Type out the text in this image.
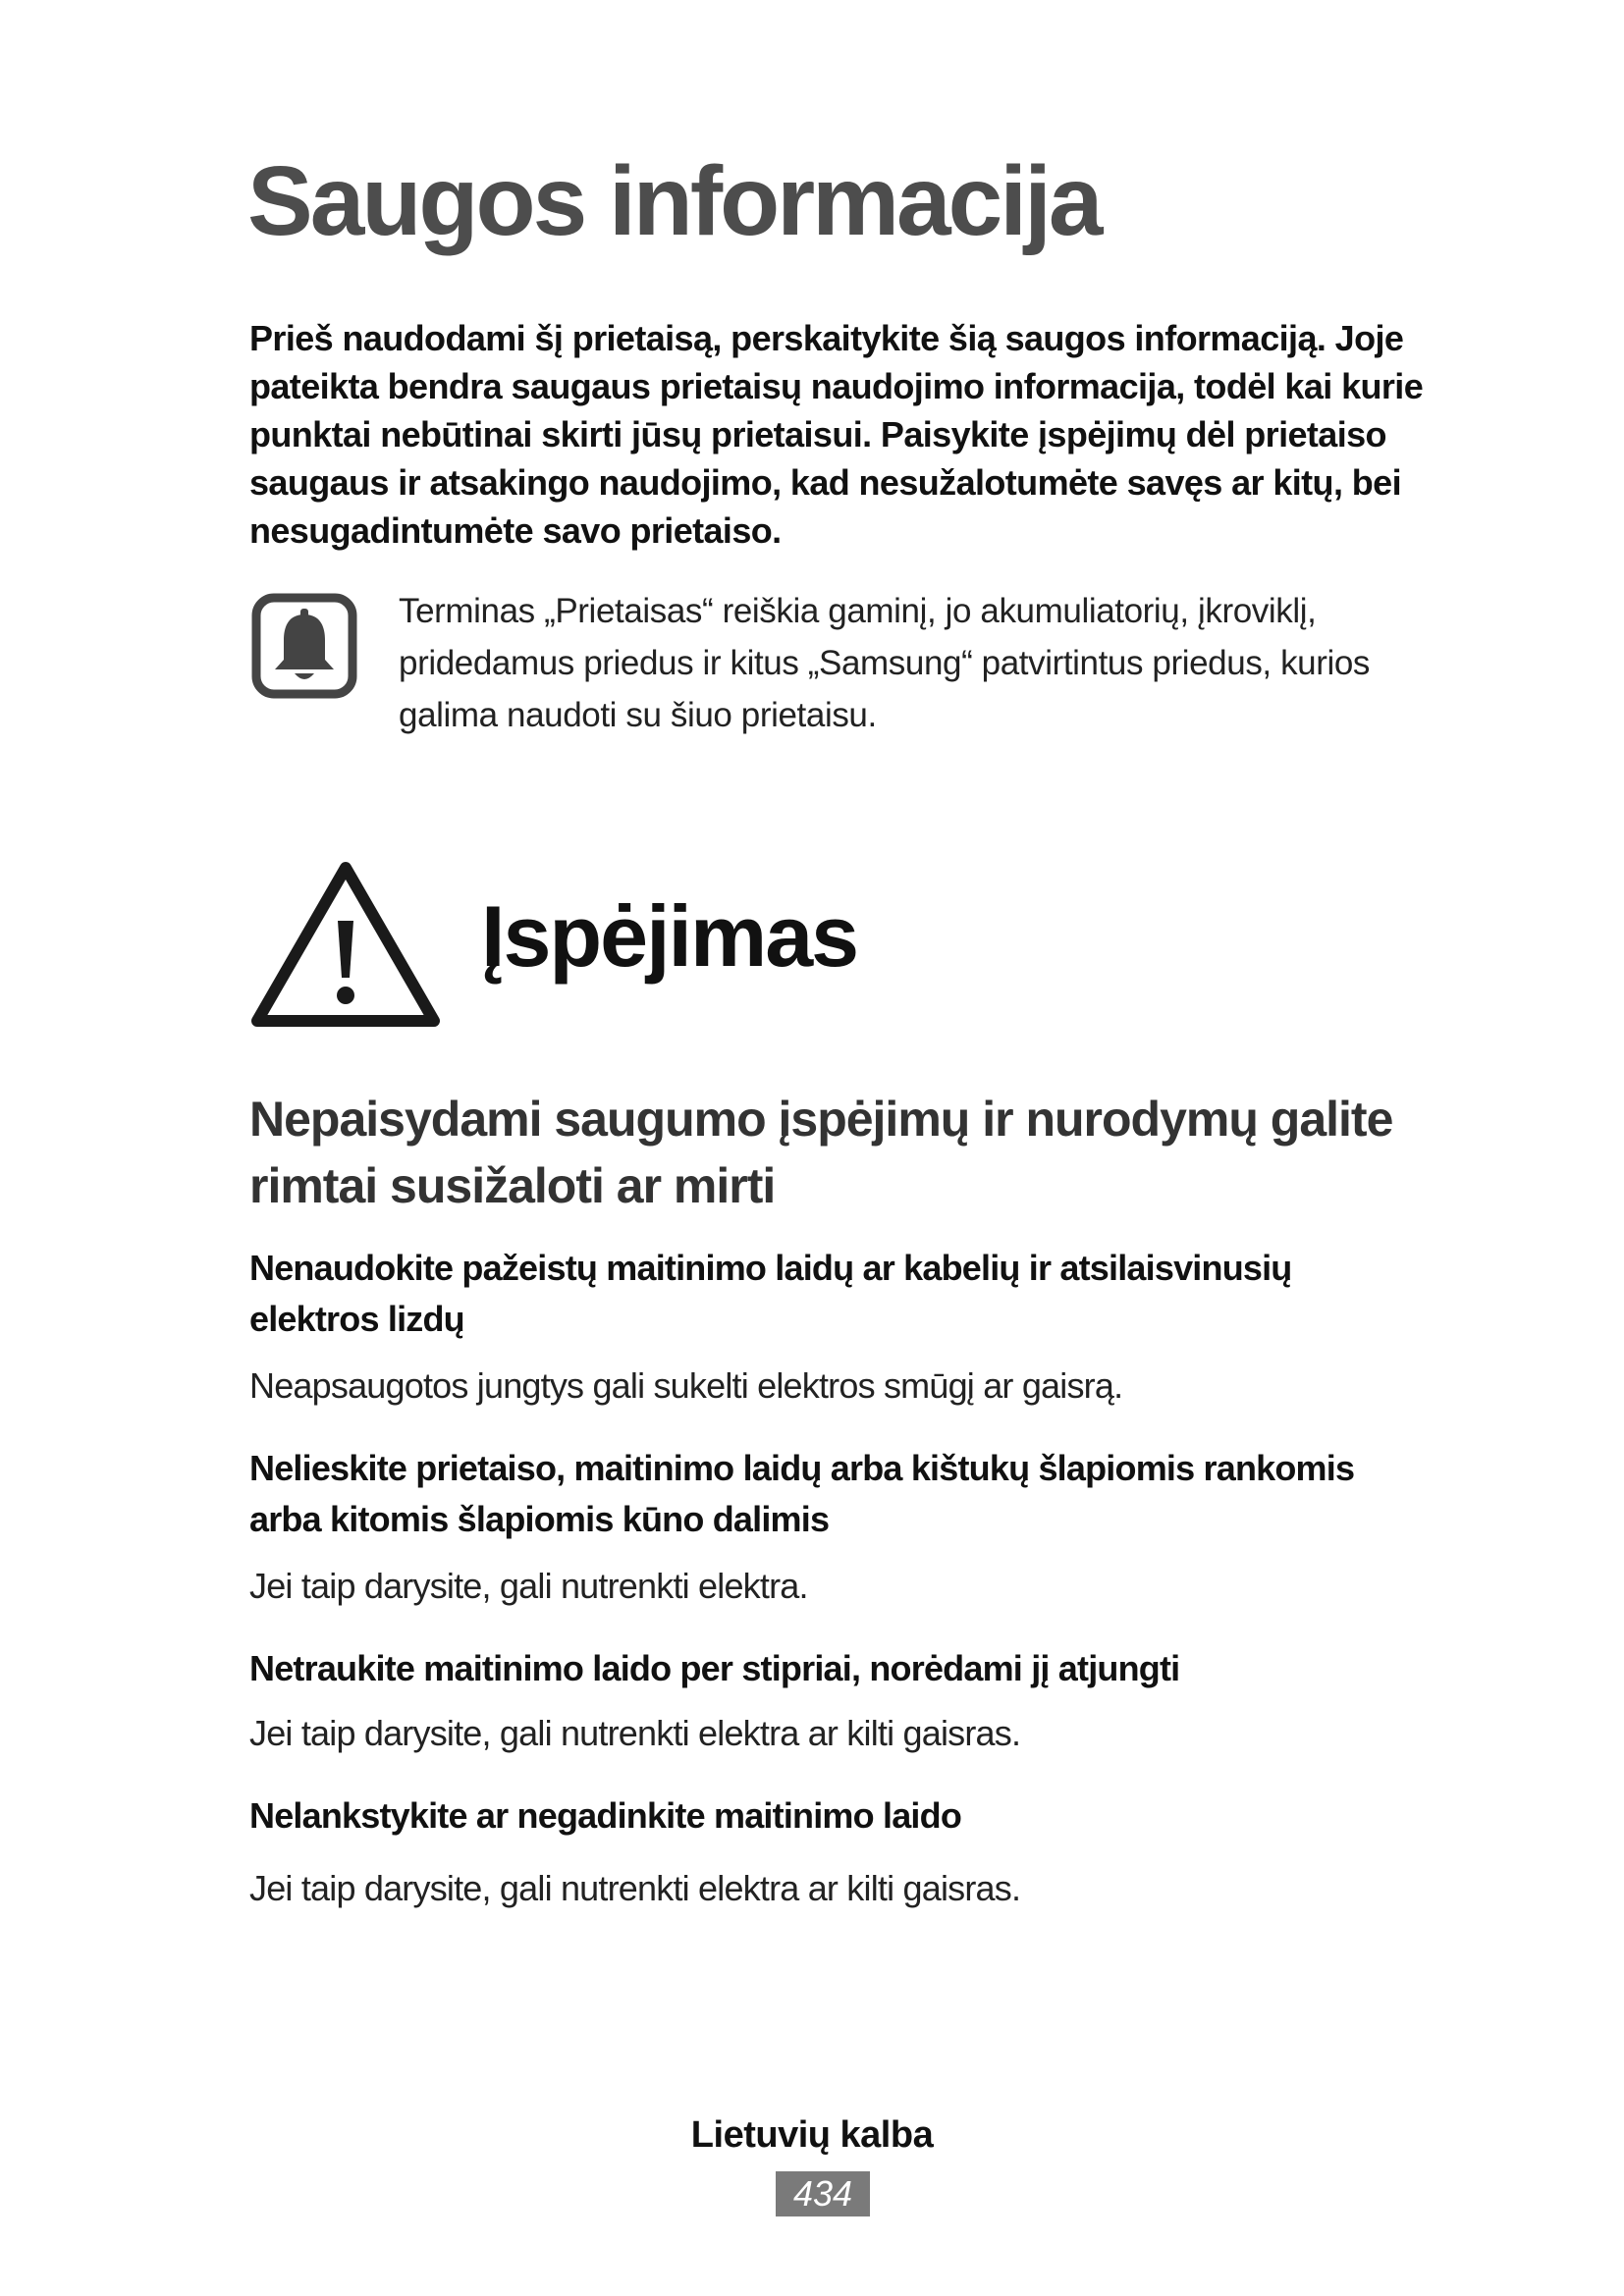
Saugos informacija

Prieš naudodami šį prietaisą, perskaitykite šią saugos informaciją. Joje pateikta bendra saugaus prietaisų naudojimo informacija, todėl kai kurie punktai nebūtinai skirti jūsų prietaisui. Paisykite įspėjimų dėl prietaiso saugaus ir atsakingo naudojimo, kad nesužalotumėte savęs ar kitų, bei nesugadintumėte savo prietaiso.

Terminas „Prietaisas“ reiškia gaminį, jo akumuliatorių, įkroviklį, pridedamus priedus ir kitus „Samsung“ patvirtintus priedus, kurios galima naudoti su šiuo prietaisu.

Įspėjimas
Nepaisydami saugumo įspėjimų ir nurodymų galite rimtai susižaloti ar mirti
Nenaudokite pažeistų maitinimo laidų ar kabelių ir atsilaisvinusių elektros lizdų

Neapsaugotos jungtys gali sukelti elektros smūgį ar gaisrą.

Nelieskite prietaiso, maitinimo laidų arba kištukų šlapiomis rankomis arba kitomis šlapiomis kūno dalimis

Jei taip darysite, gali nutrenkti elektra.

Netraukite maitinimo laido per stipriai, norėdami jį atjungti

Jei taip darysite, gali nutrenkti elektra ar kilti gaisras.

Nelankstykite ar negadinkite maitinimo laido

Jei taip darysite, gali nutrenkti elektra ar kilti gaisras.

Lietuvių kalba

434
